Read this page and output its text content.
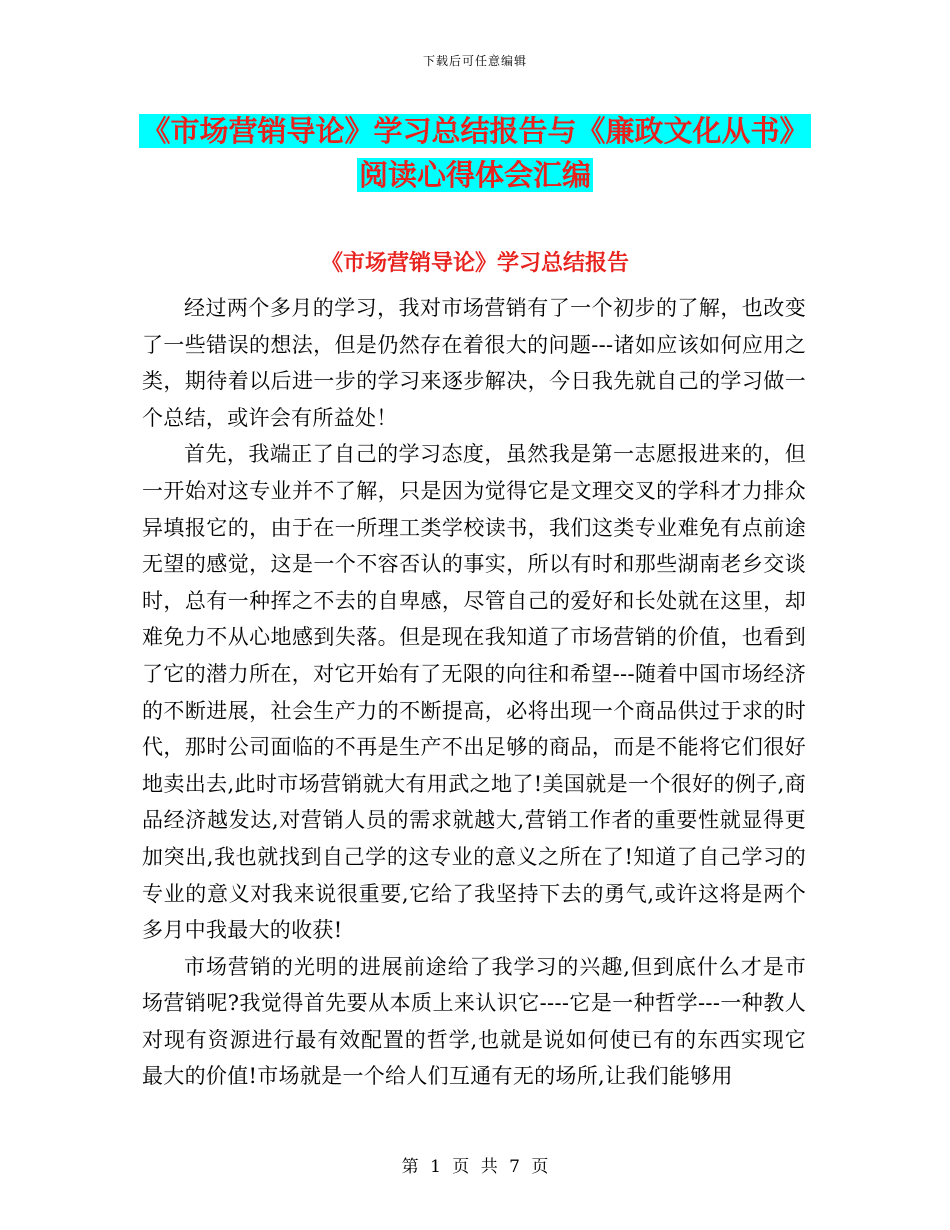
下载后可任意编辑
《市场营销导论》学习总结报告与《廉政文化从书》
阅读心得体会汇编
《市场营销导论》学习总结报告

经过两个多月的学习，我对市场营销有了一个初步的了解，也改变了一些错误的想法，但是仍然存在着很大的问题---诸如应该如何应用之类，期待着以后进一步的学习来逐步解决，今日我先就自己的学习做一个总结，或许会有所益处！

首先，我端正了自己的学习态度，虽然我是第一志愿报进来的，但一开始对这专业并不了解，只是因为觉得它是文理交叉的学科才力排众异填报它的，由于在一所理工类学校读书，我们这类专业难免有点前途无望的感觉，这是一个不容否认的事实，所以有时和那些湖南老乡交谈时，总有一种挥之不去的自卑感，尽管自己的爱好和长处就在这里，却难免力不从心地感到失落。但是现在我知道了市场营销的价值，也看到了它的潜力所在，对它开始有了无限的向往和希望---随着中国市场经济的不断进展，社会生产力的不断提高，必将出现一个商品供过于求的时代，那时公司面临的不再是生产不出足够的商品，而是不能将它们很好地卖出去,此时市场营销就大有用武之地了!美国就是一个很好的例子,商品经济越发达,对营销人员的需求就越大,营销工作者的重要性就显得更加突出,我也就找到自己学的这专业的意义之所在了!知道了自己学习的专业的意义对我来说很重要,它给了我坚持下去的勇气,或许这将是两个多月中我最大的收获!

市场营销的光明的进展前途给了我学习的兴趣,但到底什么才是市场营销呢?我觉得首先要从本质上来认识它----它是一种哲学---一种教人对现有资源进行最有效配置的哲学,也就是说如何使已有的东西实现它最大的价值!市场就是一个给人们互通有无的场所,让我们能够用

第 1 页 共 7 页
